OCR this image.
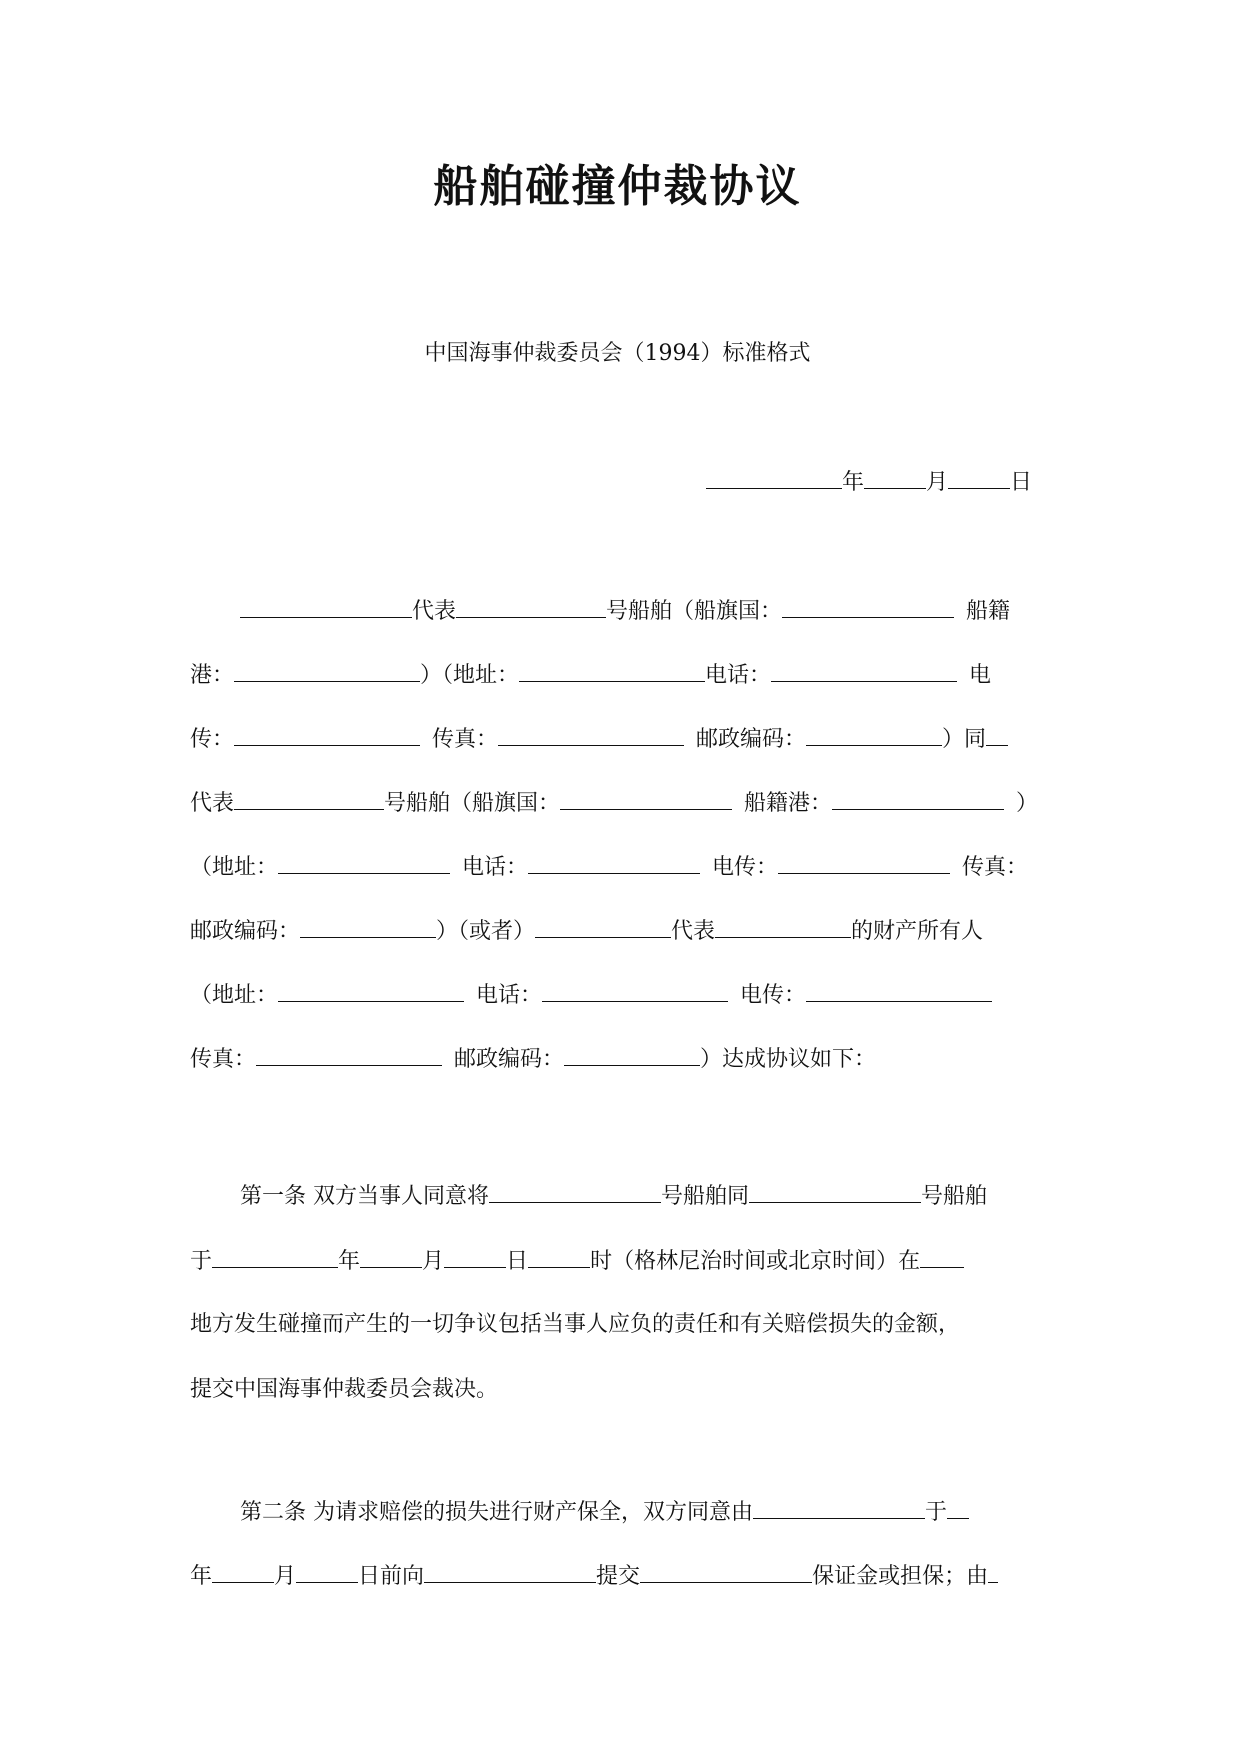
船舶碰撞仲裁协议
中国海事仲裁委员会（1994）标准格式
年	月	日
代表	号船舶（船旗国：	船籍
港：	）（地址：	电话：	电
传：	传真：	邮政编码：	）同
代表	号船舶（船旗国：	船籍港：	）
（地址：	电话：	电传：	传真：
邮政编码：	）（或者）	代表	的财产所有人
（地址：	电话：	电传：
传真：	邮政编码：	）达成协议如下：
第一条 双方当事人同意将	号船舶同	号船舶
于	年	月	日	时（格林尼治时间或北京时间）在
地方发生碰撞而产生的一切争议包括当事人应负的责任和有关赔偿损失的金额，
提交中国海事仲裁委员会裁决。
第二条 为请求赔偿的损失进行财产保全，双方同意由	于
年	月	日前向	提交	保证金或担保；由
